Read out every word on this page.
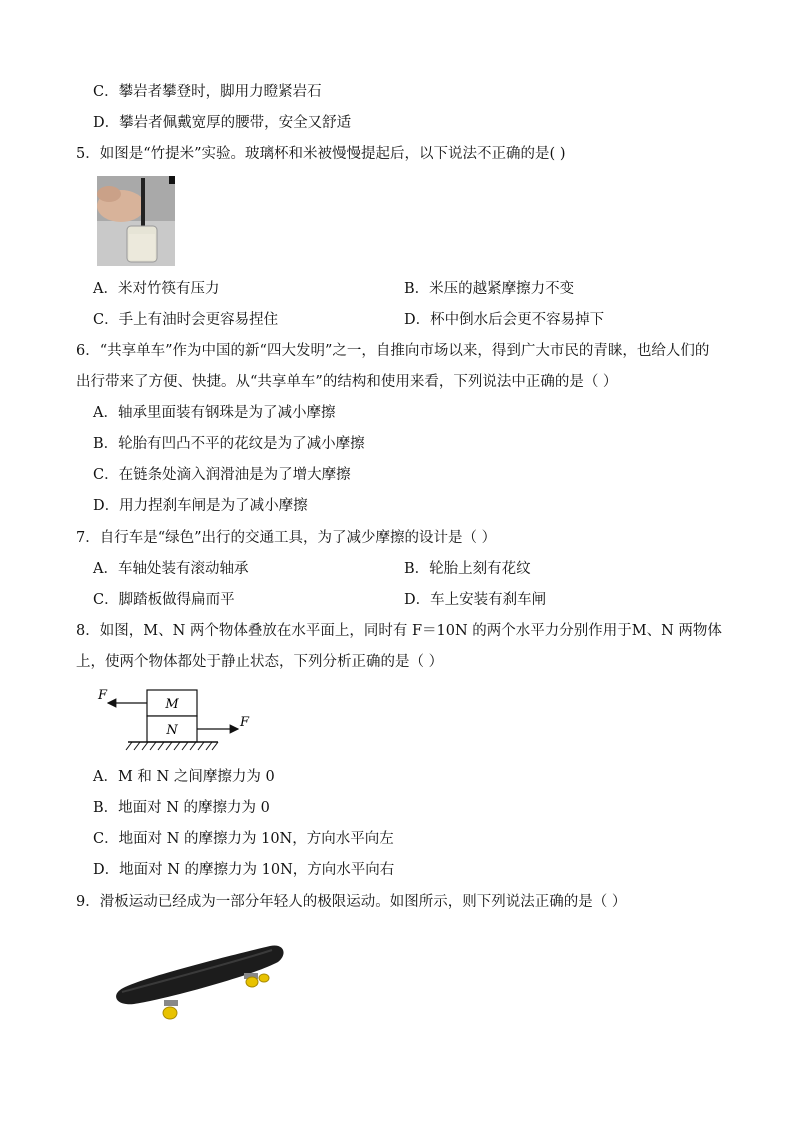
C．攀岩者攀登时，脚用力瞪紧岩石
D．攀岩者佩戴宽厚的腰带，安全又舒适
5．如图是“竹提米”实验。玻璃杯和米被慢慢提起后，以下说法不正确的是( )
A．米对竹筷有压力	B．米压的越紧摩擦力不变
C．手上有油时会更容易捏住	D．杯中倒水后会更不容易掉下
6．“共享单车”作为中国的新“四大发明”之一，自推向市场以来，得到广大市民的青睐，也给人们的
出行带来了方便、快捷。从“共享单车”的结构和使用来看，下列说法中正确的是（ ）
A．轴承里面装有钢珠是为了减小摩擦
B．轮胎有凹凸不平的花纹是为了减小摩擦
C．在链条处滴入润滑油是为了增大摩擦
D．用力捏刹车闸是为了减小摩擦
7．自行车是“绿色”出行的交通工具，为了减少摩擦的设计是（ ）
A．车轴处装有滚动轴承	B．轮胎上刻有花纹
C．脚踏板做得扁而平	D．车上安装有刹车闸
8．如图，M、N 两个物体叠放在水平面上，同时有 F＝10N 的两个水平力分别作用于M、N 两物体
上，使两个物体都处于静止状态，下列分析正确的是（ ）
M
N
F
F
A．M 和 N 之间摩擦力为 0
B．地面对 N 的摩擦力为 0
C．地面对 N 的摩擦力为 10N，方向水平向左
D．地面对 N 的摩擦力为 10N，方向水平向右
9．滑板运动已经成为一部分年轻人的极限运动。如图所示，则下列说法正确的是（ ）
